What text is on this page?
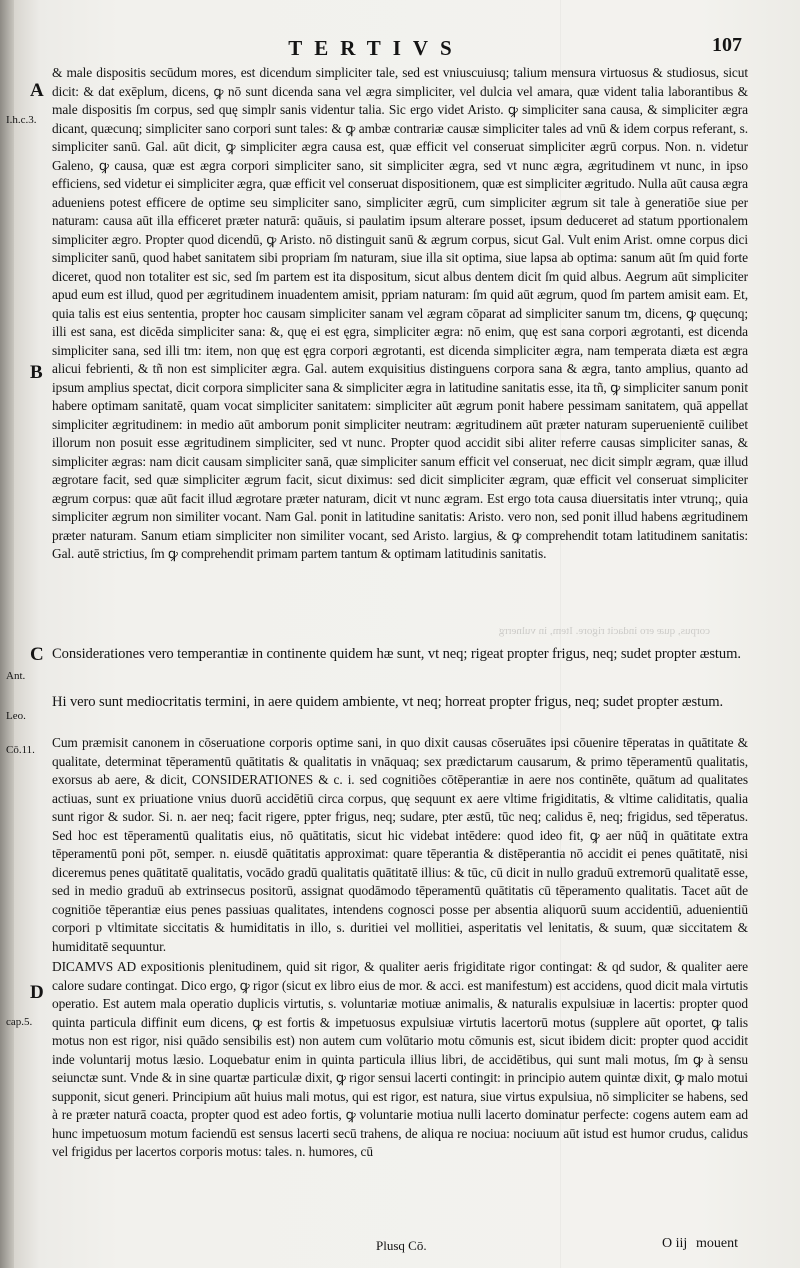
TERTIVS	107
A
I.h.c.3.
B
C
Ant.
Leo.
Cō.11.
D
cap.5.
corpus, quæ ero indacit rigore. Item, in vulnerrg

& male dispositis secūdum mores, est dicendum simpliciter tale, sed est vniuscuiusq; talium mensura virtuosus & studiosus, sicut dicit: & dat exēplum, dicens, ꝙ nō sunt dicenda sana vel ægra simpliciter, vel dulcia vel amara, quæ vident talia laborantibus & male dispositis ſm corpus, sed quę simplr sanis videntur talia. Sic ergo videt Aristo. ꝙ simpliciter sana causa, & simpliciter ægra dicant, quæcunq; simpliciter sano corpori sunt tales: & ꝙ ambæ contrariæ causæ simpliciter tales ad vnū & idem corpus referant, s. simpliciter sanū. Gal. aūt dicit, ꝙ simpliciter ægra causa est, quæ efficit vel conseruat simpliciter ægrū corpus. Non. n. videtur Galeno, ꝙ causa, quæ est ægra corpori simpliciter sano, sit simpliciter ægra, sed vt nunc ægra, ægritudinem vt nunc, in ipso efficiens, sed videtur ei simpliciter ægra, quæ efficit vel conseruat dispositionem, quæ est simpliciter ægritudo. Nulla aūt causa ægra adueniens potest efficere de optime seu simpliciter sano, simpliciter ægrū, cum simpliciter ægrum sit tale à generatiōe siue per naturam: causa aūt illa efficeret præter naturā: quāuis, si paulatim ipsum alterare posset, ipsum deduceret ad statum pportionalem simpliciter ægro. Propter quod dicendū, ꝙ Aristo. nō distinguit sanū & ægrum corpus, sicut Gal. Vult enim Arist. omne corpus dici simpliciter sanū, quod habet sanitatem sibi propriam ſm naturam, siue illa sit optima, siue lapsa ab optima: sanum aūt ſm quid forte diceret, quod non totaliter est sic, sed ſm partem est ita dispositum, sicut albus dentem dicit ſm quid albus. Aegrum aūt simpliciter apud eum est illud, quod per ægritudinem inuadentem amisit, ppriam naturam: ſm quid aūt ægrum, quod ſm partem amisit eam. Et, quia talis est eius sententia, propter hoc causam simpliciter sanam vel ægram cōparat ad simpliciter sanum tm, dicens, ꝙ quęcunq; illi est sana, est dicēda simpliciter sana: &, quę ei est ęgra, simpliciter ægra: nō enim, quę est sana corpori ægrotanti, est dicenda simpliciter sana, sed illi tm: item, non quę est ęgra corpori ægrotanti, est dicenda simpliciter ægra, nam temperata diæta est ægra alicui febrienti, & tñ non est simpliciter ægra. Gal. autem exquisitius distinguens corpora sana & ægra, tanto amplius, quanto ad ipsum amplius spectat, dicit corpora simpliciter sana & simpliciter ægra in latitudine sanitatis esse, ita tñ, ꝙ simpliciter sanum ponit habere optimam sanitatē, quam vocat simpliciter sanitatem: simpliciter aūt ægrum ponit habere pessimam sanitatem, quā appellat simpliciter ægritudinem: in medio aūt amborum ponit simpliciter neutram: ægritudinem aūt præter naturam superuenientē cuilibet illorum non posuit esse ægritudinem simpliciter, sed vt nunc. Propter quod accidit sibi aliter referre causas simpliciter sanas, & simpliciter ægras: nam dicit causam simpliciter sanā, quæ simpliciter sanum efficit vel conseruat, nec dicit simplr ægram, quæ illud ægrotare facit, sed quæ simpliciter ægrum facit, sicut diximus: sed dicit simpliciter ægram, quæ efficit vel conseruat simpliciter ægrum corpus: quæ aūt facit illud ægrotare præter naturam, dicit vt nunc ægram. Est ergo tota causa diuersitatis inter vtrunq;, quia simpliciter ægrum non similiter vocant. Nam Gal. ponit in latitudine sanitatis: Aristo. vero non, sed ponit illud habens ægritudinem præter naturam. Sanum etiam simpliciter non similiter vocant, sed Aristo. largius, & ꝙ comprehendit totam latitudinem sanitatis: Gal. autē strictius, ſm ꝙ comprehendit primam partem tantum & optimam latitudinis sanitatis.

Considerationes vero temperantiæ in continente quidem hæ sunt, vt neq; rigeat propter frigus, neq; sudet propter æstum.

Hi vero sunt mediocritatis termini, in aere quidem ambiente, vt neq; horreat propter frigus, neq; sudet propter æstum.

Cum præmisit canonem in cōseruatione corporis optime sani, in quo dixit causas cōseruātes ipsi cōuenire tēperatas in quātitate & qualitate, determinat tēperamentū quātitatis & qualitatis in vnāquaq; sex prædictarum causarum, & primo tēperamentū qualitatis, exorsus ab aere, & dicit, CONSIDERATIONES & c. i. sed cognitiões cōtēperantiæ in aere nos continēte, quātum ad qualitates actiuas, sunt ex priuatione vnius duorū accidētiū circa corpus, quę sequunt ex aere vltime frigiditatis, & vltime caliditatis, qualia sunt rigor & sudor. Si. n. aer neq; facit rigere, ppter frigus, neq; sudare, pter æstū, tūc neq; calidus ē, neq; frigidus, sed tēperatus. Sed hoc est tēperamentū qualitatis eius, nō quātitatis, sicut hic videbat intēdere: quod ideo fit, ꝙ aer nūq̃ in quātitate extra tēperamentū poni pōt, semper. n. eiusdē quātitatis approximat: quare tēperantia & distēperantia nō accidit ei penes quātitatē, nisi diceremus penes quātitatē qualitatis, vocādo gradū qualitatis quātitatē illius: & tūc, cū dicit in nullo graduū extremorū qualitatē esse, sed in medio graduū ab extrinsecus positorū, assignat quodāmodo tēperamentū quātitatis cū tēperamento qualitatis. Tacet aūt de cognitiōe tēperantiæ eius penes passiuas qualitates, intendens cognosci posse per absentia aliquorū suum accidentiū, aduenientiū corpori p vltimitate siccitatis & humiditatis in illo, s. duritiei vel mollitiei, asperitatis vel lenitatis, & suum, quæ siccitatem & humiditatē sequuntur.

DICAMVS AD expositionis plenitudinem, quid sit rigor, & qualiter aeris frigiditate rigor contingat: & qd sudor, & qualiter aere calore sudare contingat. Dico ergo, ꝙ rigor (sicut ex libro eius de mor. & acci. est manifestum) est accidens, quod dicit mala virtutis operatio. Est autem mala operatio duplicis virtutis, s. voluntariæ motiuæ animalis, & naturalis expulsiuæ in lacertis: propter quod quinta particula diffinit eum dicens, ꝙ est fortis & impetuosus expulsiuæ virtutis lacertorū motus (supplere aūt oportet, ꝙ talis motus non est rigor, nisi quādo sensibilis est) non autem cum volūtario motu cōmunis est, sicut ibidem dicit: propter quod accidit inde voluntarij motus læsio. Loquebatur enim in quinta particula illius libri, de accidētibus, qui sunt mali motus, ſm ꝙ à sensu seiunctæ sunt. Vnde & in sine quartæ particulæ dixit, ꝙ rigor sensui lacerti contingit: in principio autem quintæ dixit, ꝙ malo motui supponit, sicut generi. Principium aūt huius mali motus, qui est rigor, est natura, siue virtus expulsiua, nō simpliciter se habens, sed à re præter naturā coacta, propter quod est adeo fortis, ꝙ voluntarie motiua nulli lacerto dominatur perfecte: cogens autem eam ad hunc impetuosum motum faciendū est sensus lacerti secū trahens, de aliqua re nociua: nociuum aūt istud est humor crudus, calidus vel frigidus per lacertos corporis motus: tales. n. humores, cū

Plusq Cō.	O iij mouent
